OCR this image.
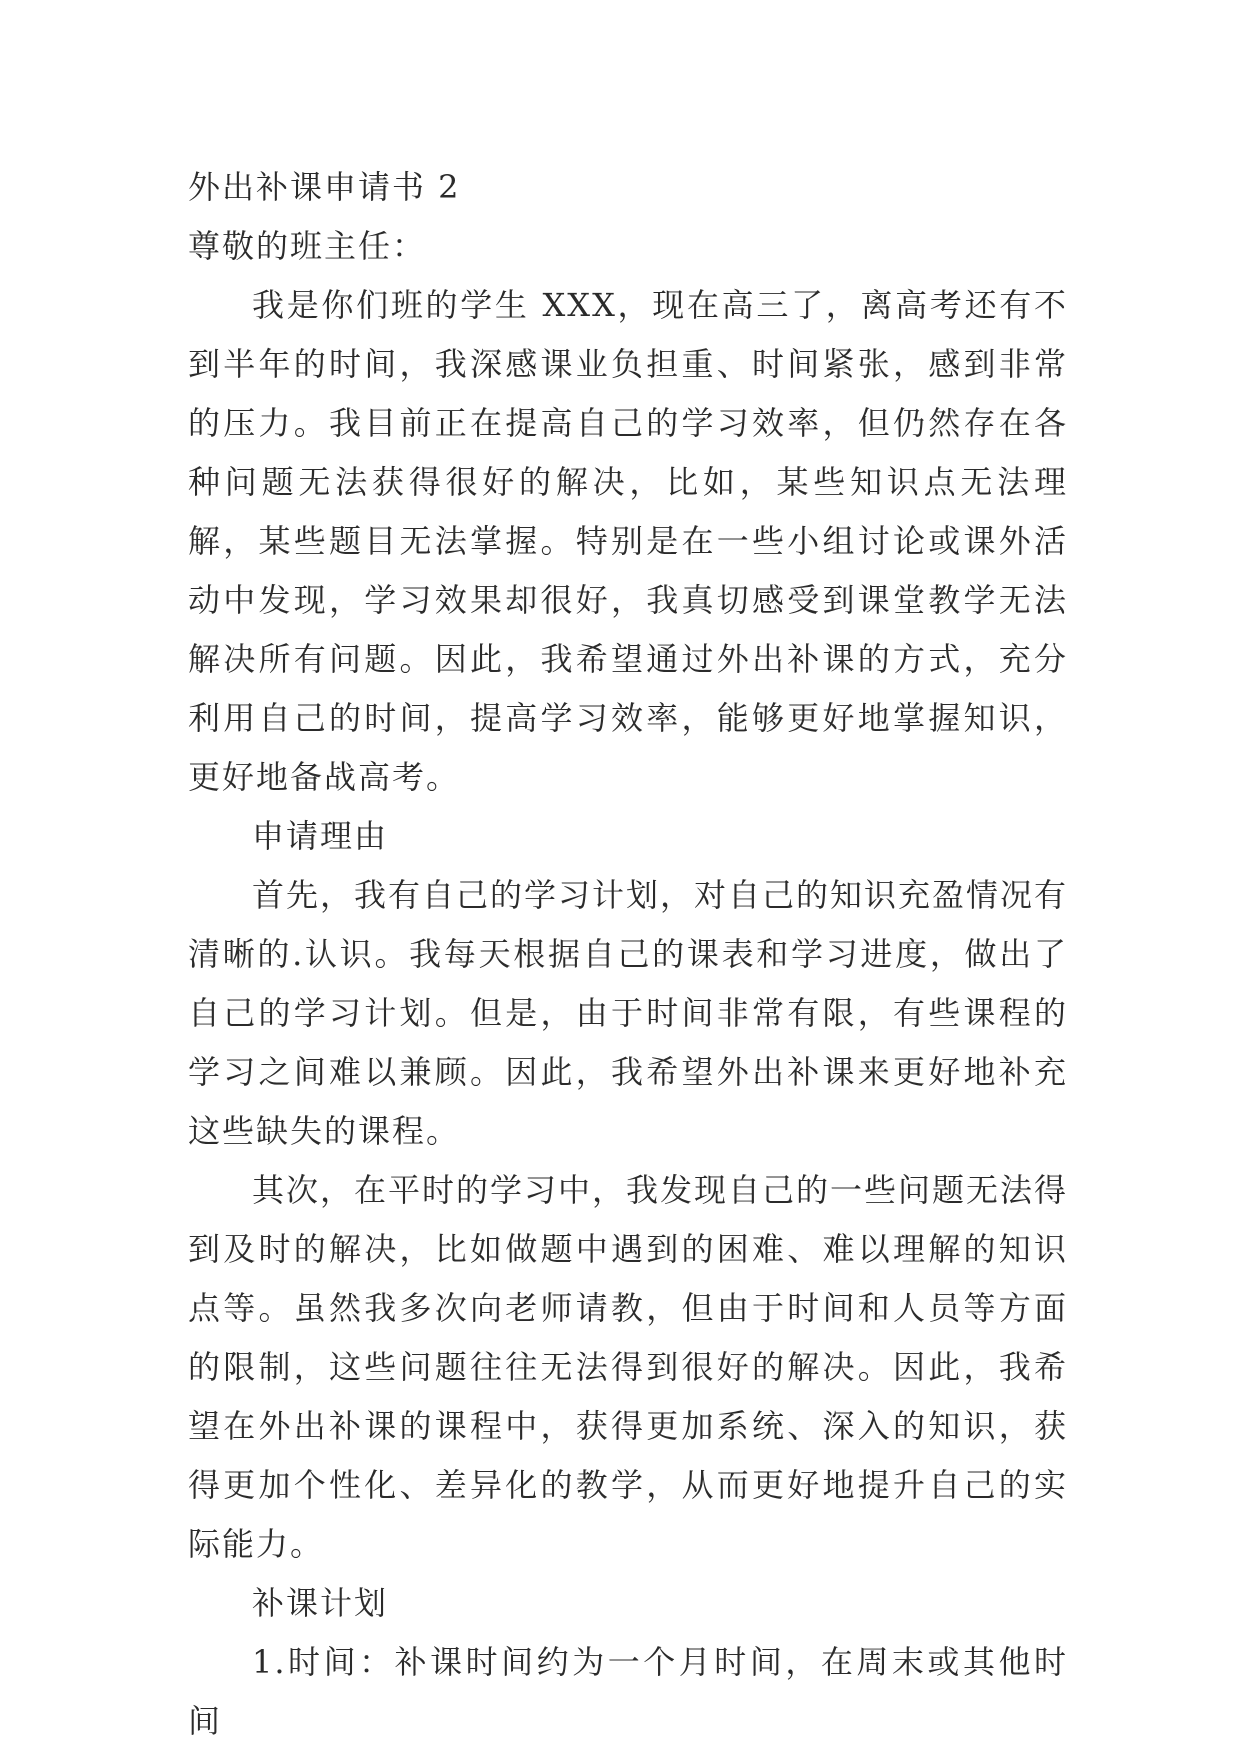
外出补课申请书 2

尊敬的班主任：

我是你们班的学生 XXX，现在高三了，离高考还有不到半年的时间，我深感课业负担重、时间紧张，感到非常的压力。我目前正在提高自己的学习效率，但仍然存在各种问题无法获得很好的解决，比如，某些知识点无法理解，某些题目无法掌握。特别是在一些小组讨论或课外活动中发现，学习效果却很好，我真切感受到课堂教学无法解决所有问题。因此，我希望通过外出补课的方式，充分利用自己的时间，提高学习效率，能够更好地掌握知识，更好地备战高考。

申请理由

首先，我有自己的学习计划，对自己的知识充盈情况有清晰的.认识。我每天根据自己的课表和学习进度，做出了自己的学习计划。但是，由于时间非常有限，有些课程的学习之间难以兼顾。因此，我希望外出补课来更好地补充这些缺失的课程。

其次，在平时的学习中，我发现自己的一些问题无法得到及时的解决，比如做题中遇到的困难、难以理解的知识点等。虽然我多次向老师请教，但由于时间和人员等方面的限制，这些问题往往无法得到很好的解决。因此，我希望在外出补课的课程中，获得更加系统、深入的知识，获得更加个性化、差异化的教学，从而更好地提升自己的实际能力。

补课计划

1.时间：补课时间约为一个月时间，在周末或其他时间
